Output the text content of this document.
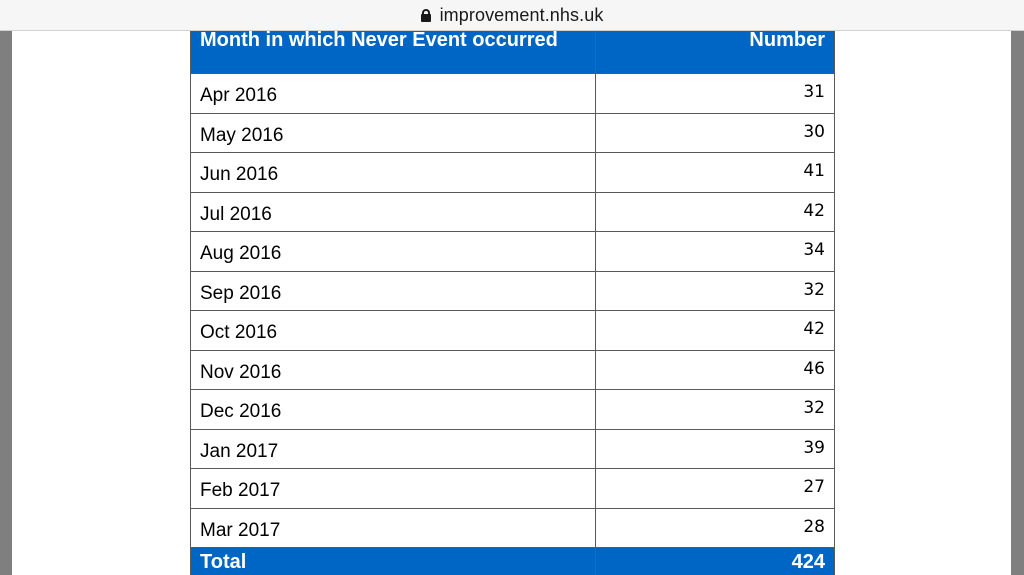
improvement.nhs.uk
Month in which Never Event occurred	Number
Apr 2016	31
May 2016	30
Jun 2016	41
Jul 2016	42
Aug 2016	34
Sep 2016	32
Oct 2016	42
Nov 2016	46
Dec 2016	32
Jan 2017	39
Feb 2017	27
Mar 2017	28
Total	424
